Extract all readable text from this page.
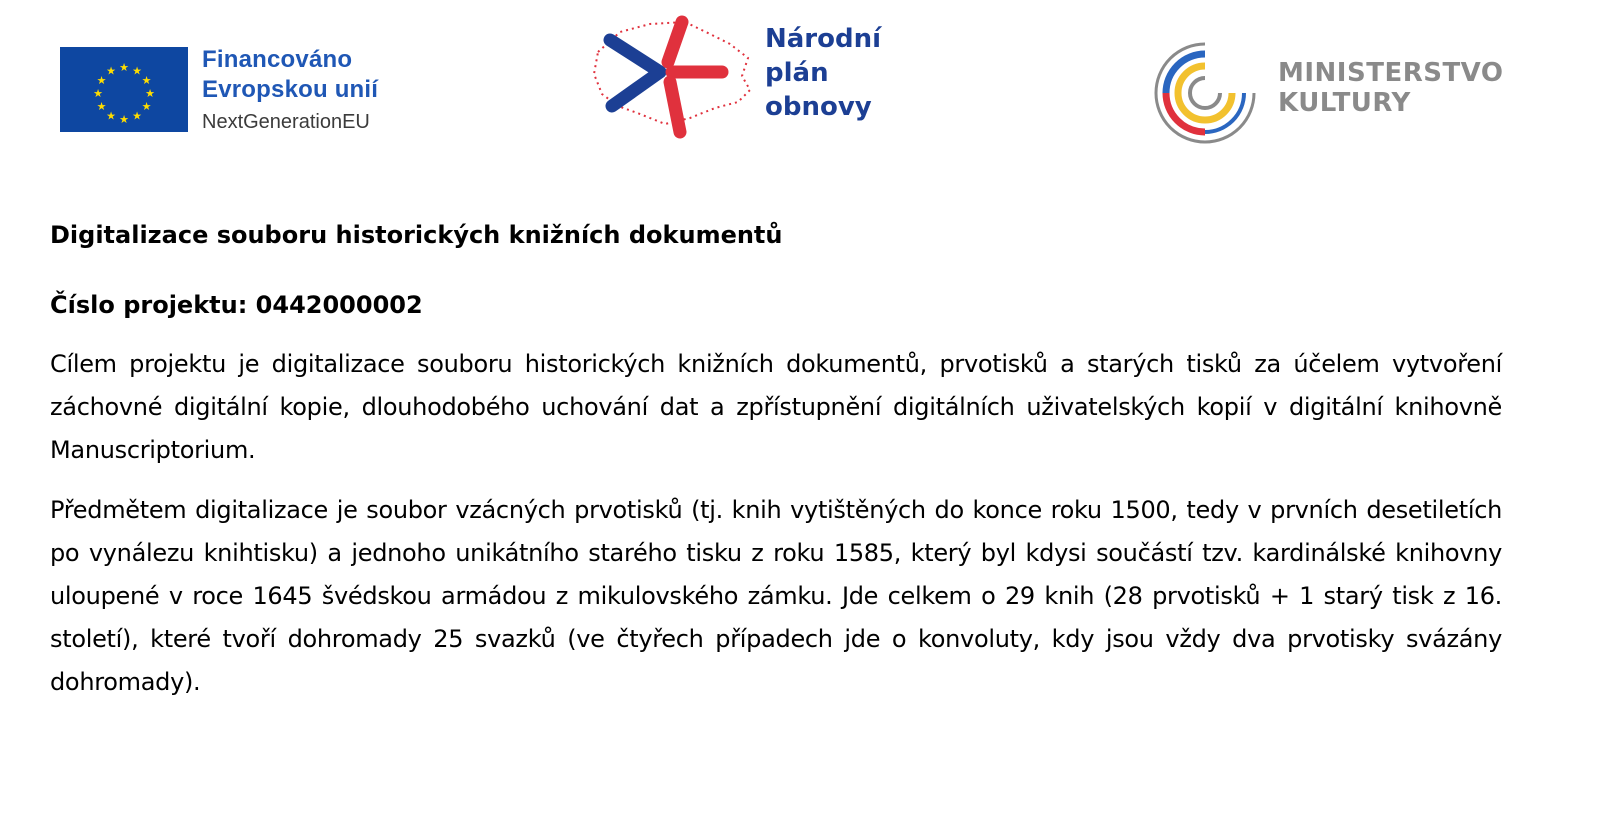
★ ★
★
★
★
★
★
★
★
★
★
★	Financováno
Evropskou unií
NextGenerationEU
Národní
plán
obnovy
MINISTERSTVO
KULTURY
Digitalizace souboru historických knižních dokumentů
Číslo projektu: 0442000002

Cílem projektu je digitalizace souboru historických knižních dokumentů, prvotisků a starých tisků za účelem vytvoření záchovné digitální kopie, dlouhodobého uchování dat a zpřístupnění digitálních uživatelských kopií v digitální knihovně Manuscriptorium.

Předmětem digitalizace je soubor vzácných prvotisků (tj. knih vytištěných do konce roku 1500, tedy v prvních desetiletích po vynálezu knihtisku) a jednoho unikátního starého tisku z roku 1585, který byl kdysi součástí tzv. kardinálské knihovny uloupené v roce 1645 švédskou armádou z mikulovského zámku. Jde celkem o 29 knih (28 prvotisků + 1 starý tisk z 16. století), které tvoří dohromady 25 svazků (ve čtyřech případech jde o konvoluty, kdy jsou vždy dva prvotisky svázány dohromady).
